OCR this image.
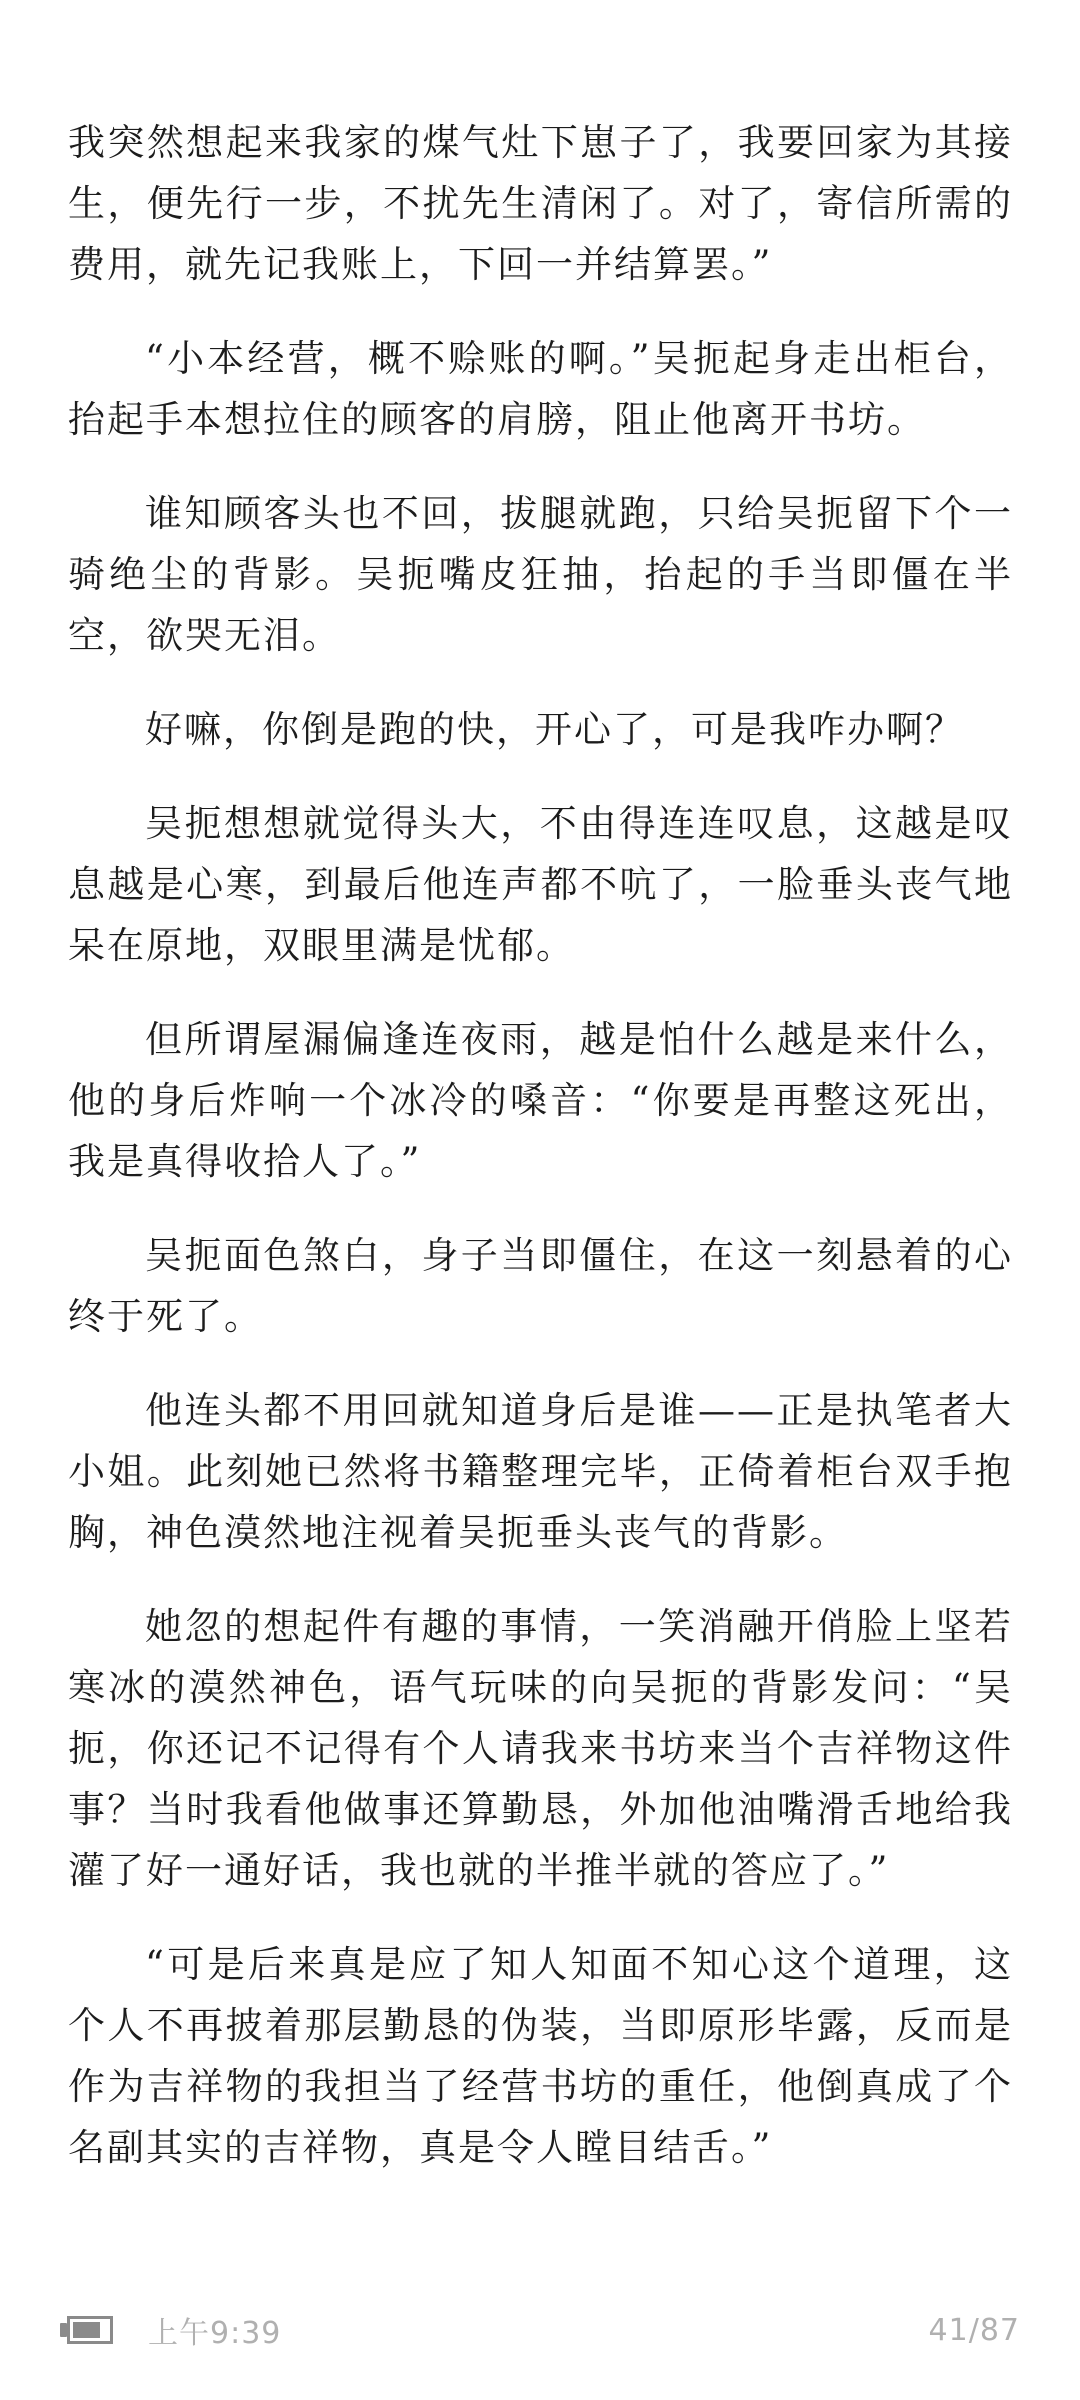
我突然想起来我家的煤气灶下崽子了，我要回家为其接生，便先行一步，不扰先生清闲了。对了，寄信所需的费用，就先记我账上，下回一并结算罢。”

“小本经营，概不赊账的啊。”吴扼起身走出柜台，抬起手本想拉住的顾客的肩膀，阻止他离开书坊。

谁知顾客头也不回，拔腿就跑，只给吴扼留下个一骑绝尘的背影。吴扼嘴皮狂抽，抬起的手当即僵在半空，欲哭无泪。

好嘛，你倒是跑的快，开心了，可是我咋办啊？

吴扼想想就觉得头大，不由得连连叹息，这越是叹息越是心寒，到最后他连声都不吭了，一脸垂头丧气地呆在原地，双眼里满是忧郁。

但所谓屋漏偏逢连夜雨，越是怕什么越是来什么，他的身后炸响一个冰冷的嗓音：“你要是再整这死出，我是真得收拾人了。”

吴扼面色煞白，身子当即僵住，在这一刻悬着的心终于死了。

他连头都不用回就知道身后是谁——正是执笔者大小姐。此刻她已然将书籍整理完毕，正倚着柜台双手抱胸，神色漠然地注视着吴扼垂头丧气的背影。

她忽的想起件有趣的事情，一笑消融开俏脸上坚若寒冰的漠然神色，语气玩味的向吴扼的背影发问：“吴扼，你还记不记得有个人请我来书坊来当个吉祥物这件事？当时我看他做事还算勤恳，外加他油嘴滑舌地给我灌了好一通好话，我也就的半推半就的答应了。”

“可是后来真是应了知人知面不知心这个道理，这个人不再披着那层勤恳的伪装，当即原形毕露，反而是作为吉祥物的我担当了经营书坊的重任，他倒真成了个名副其实的吉祥物，真是令人瞠目结舌。”

上午9:39	41/87
